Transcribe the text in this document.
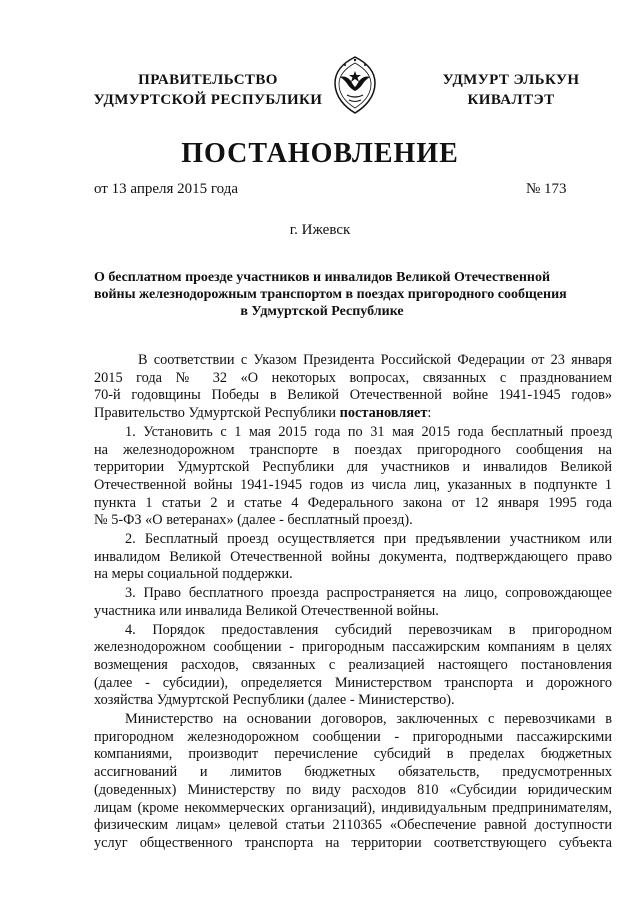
ПРАВИТЕЛЬСТВО
УДМУРТСКОЙ РЕСПУБЛИКИ
УДМУРТ ЭЛЬКУН
КИВАЛТЭТ
ПОСТАНОВЛЕНИЕ
от 13 апреля 2015 года	№ 173
г. Ижевск
О бесплатном проезде участников и инвалидов Великой Отечественной
войны железнодорожным транспортом в поездах пригородного сообщения
в Удмуртской Республике
В соответствии с Указом Президента Российской Федерации от 23 января
2015 года № 32 «О некоторых вопросах, связанных с празднованием
70-й годовщины Победы в Великой Отечественной войне 1941-1945 годов»
Правительство Удмуртской Республики постановляет:
1. Установить с 1 мая 2015 года по 31 мая 2015 года бесплатный проезд
на железнодорожном транспорте в поездах пригородного сообщения на
территории Удмуртской Республики для участников и инвалидов Великой
Отечественной войны 1941-1945 годов из числа лиц, указанных в подпункте 1
пункта 1 статьи 2 и статье 4 Федерального закона от 12 января 1995 года
№ 5-ФЗ «О ветеранах» (далее - бесплатный проезд).
2. Бесплатный проезд осуществляется при предъявлении участником или
инвалидом Великой Отечественной войны документа, подтверждающего право
на меры социальной поддержки.
3. Право бесплатного проезда распространяется на лицо, сопровождающее
участника или инвалида Великой Отечественной войны.
4. Порядок предоставления субсидий перевозчикам в пригородном
железнодорожном сообщении - пригородным пассажирским компаниям в целях
возмещения расходов, связанных с реализацией настоящего постановления
(далее - субсидии), определяется Министерством транспорта и дорожного
хозяйства Удмуртской Республики (далее - Министерство).
Министерство на основании договоров, заключенных с перевозчиками в
пригородном железнодорожном сообщении - пригородными пассажирскими
компаниями, производит перечисление субсидий в пределах бюджетных
ассигнований и лимитов бюджетных обязательств, предусмотренных
(доведенных) Министерству по виду расходов 810 «Субсидии юридическим
лицам (кроме некоммерческих организаций), индивидуальным предпринимателям,
физическим лицам» целевой статьи 2110365 «Обеспечение равной доступности
услуг общественного транспорта на территории соответствующего субъекта
